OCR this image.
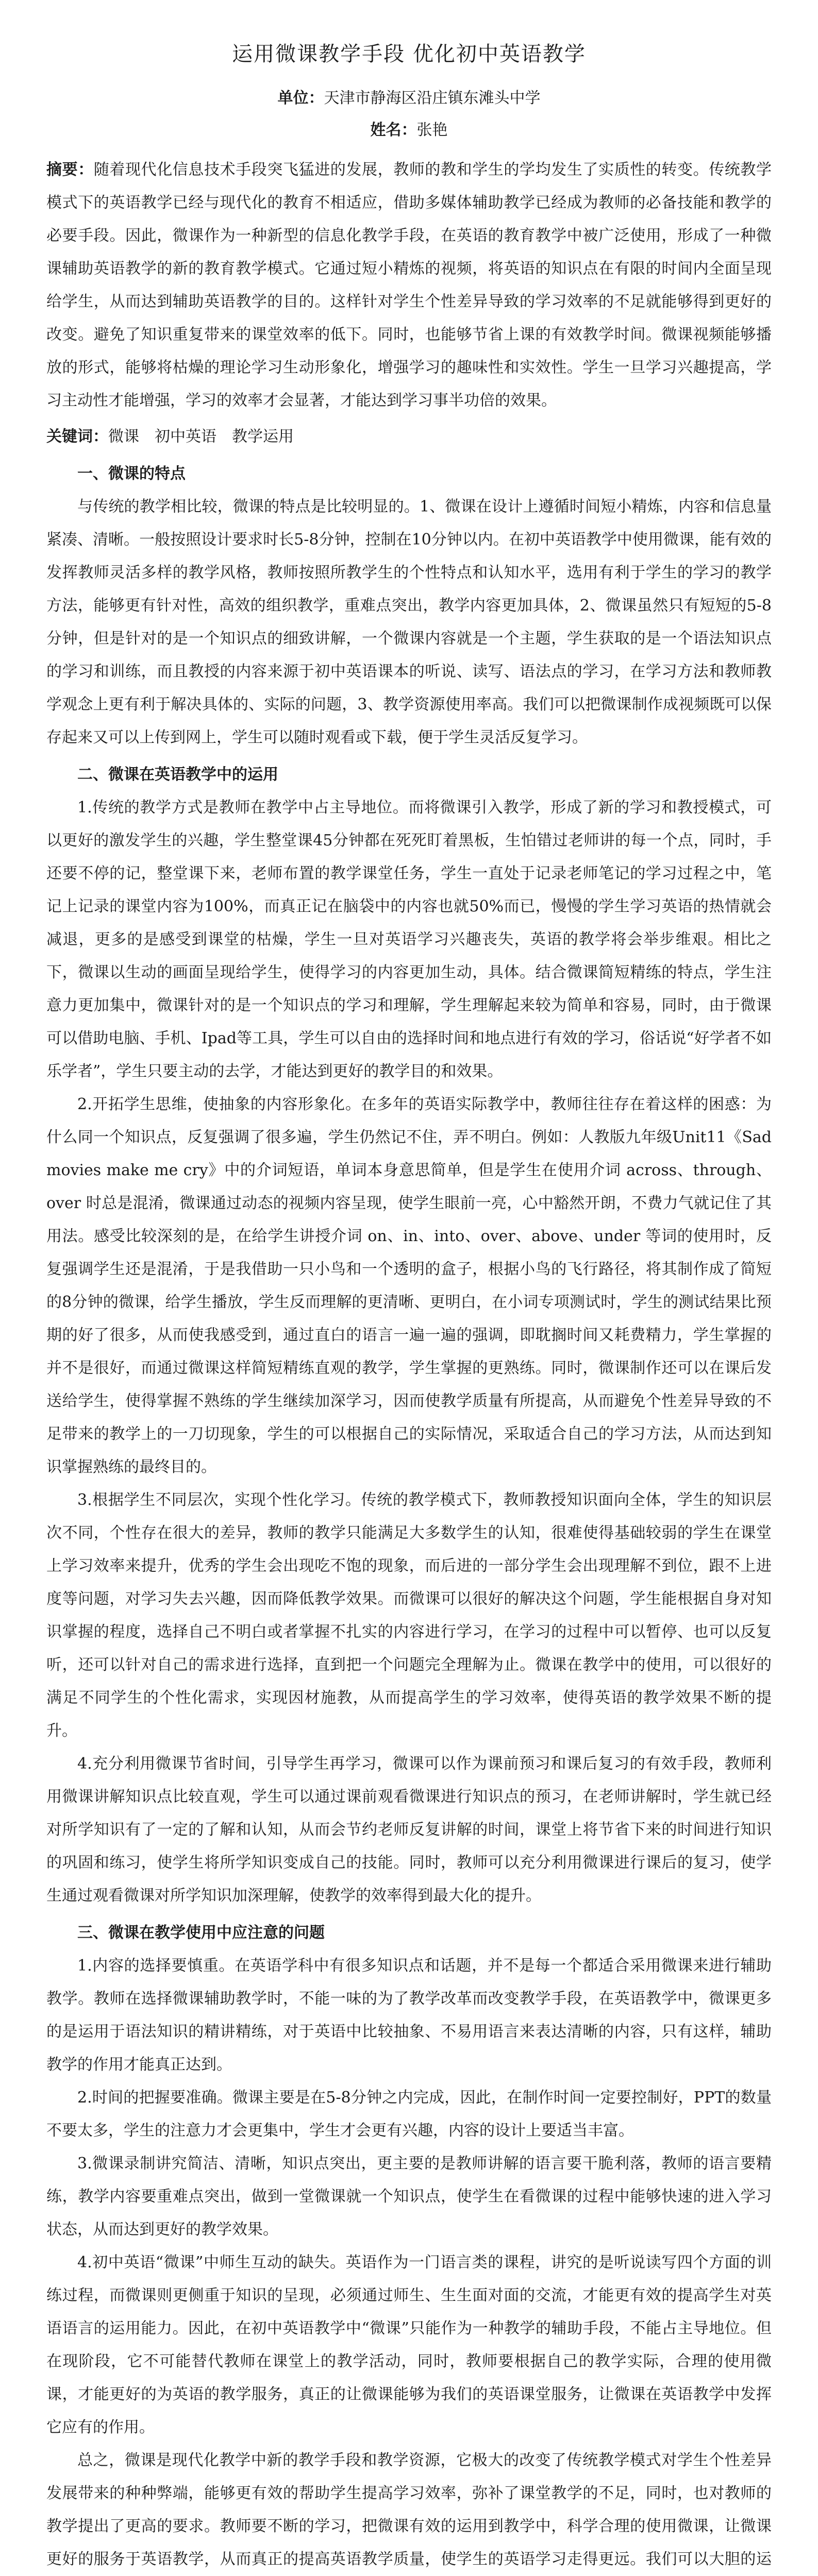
运用微课教学手段 优化初中英语教学
单位：天津市静海区沿庄镇东滩头中学
姓名：张艳
摘要：随着现代化信息技术手段突飞猛进的发展，教师的教和学生的学均发生了实质性的转变。传统教学模式下的英语教学已经与现代化的教育不相适应，借助多媒体辅助教学已经成为教师的必备技能和教学的必要手段。因此，微课作为一种新型的信息化教学手段，在英语的教育教学中被广泛使用，形成了一种微课辅助英语教学的新的教育教学模式。它通过短小精炼的视频，将英语的知识点在有限的时间内全面呈现给学生，从而达到辅助英语教学的目的。这样针对学生个性差异导致的学习效率的不足就能够得到更好的改变。避免了知识重复带来的课堂效率的低下。同时，也能够节省上课的有效教学时间。微课视频能够播放的形式，能够将枯燥的理论学习生动形象化，增强学习的趣味性和实效性。学生一旦学习兴趣提高，学习主动性才能增强，学习的效率才会显著，才能达到学习事半功倍的效果。
关键词：微课　初中英语　教学运用
一、微课的特点

与传统的教学相比较，微课的特点是比较明显的。1、微课在设计上遵循时间短小精炼，内容和信息量紧凑、清晰。一般按照设计要求时长5-8分钟，控制在10分钟以内。在初中英语教学中使用微课，能有效的发挥教师灵活多样的教学风格，教师按照所教学生的个性特点和认知水平，选用有利于学生的学习的教学方法，能够更有针对性，高效的组织教学，重难点突出，教学内容更加具体，2、微课虽然只有短短的5-8分钟，但是针对的是一个知识点的细致讲解，一个微课内容就是一个主题，学生获取的是一个语法知识点的学习和训练，而且教授的内容来源于初中英语课本的听说、读写、语法点的学习，在学习方法和教师教学观念上更有利于解决具体的、实际的问题，3、教学资源使用率高。我们可以把微课制作成视频既可以保存起来又可以上传到网上，学生可以随时观看或下载，便于学生灵活反复学习。

二、微课在英语教学中的运用

1.传统的教学方式是教师在教学中占主导地位。而将微课引入教学，形成了新的学习和教授模式，可以更好的激发学生的兴趣，学生整堂课45分钟都在死死盯着黑板，生怕错过老师讲的每一个点，同时，手还要不停的记，整堂课下来，老师布置的教学课堂任务，学生一直处于记录老师笔记的学习过程之中，笔记上记录的课堂内容为100%，而真正记在脑袋中的内容也就50%而已，慢慢的学生学习英语的热情就会减退，更多的是感受到课堂的枯燥，学生一旦对英语学习兴趣丧失，英语的教学将会举步维艰。相比之下，微课以生动的画面呈现给学生，使得学习的内容更加生动，具体。结合微课简短精练的特点，学生注意力更加集中，微课针对的是一个知识点的学习和理解，学生理解起来较为简单和容易，同时，由于微课可以借助电脑、手机、Ipad等工具，学生可以自由的选择时间和地点进行有效的学习，俗话说“好学者不如乐学者”，学生只要主动的去学，才能达到更好的教学目的和效果。

2.开拓学生思维，使抽象的内容形象化。在多年的英语实际教学中，教师往往存在着这样的困惑：为什么同一个知识点，反复强调了很多遍，学生仍然记不住，弄不明白。例如：人教版九年级Unit11《Sad movies make me cry》中的介词短语，单词本身意思简单，但是学生在使用介词 across、through、over 时总是混淆，微课通过动态的视频内容呈现，使学生眼前一亮，心中豁然开朗，不费力气就记住了其用法。感受比较深刻的是，在给学生讲授介词 on、in、into、over、above、under 等词的使用时，反复强调学生还是混淆，于是我借助一只小鸟和一个透明的盒子，根据小鸟的飞行路径，将其制作成了简短的8分钟的微课，给学生播放，学生反而理解的更清晰、更明白，在小词专项测试时，学生的测试结果比预期的好了很多，从而使我感受到，通过直白的语言一遍一遍的强调，即耽搁时间又耗费精力，学生掌握的并不是很好，而通过微课这样简短精练直观的教学，学生掌握的更熟练。同时，微课制作还可以在课后发送给学生，使得掌握不熟练的学生继续加深学习，因而使教学质量有所提高，从而避免个性差异导致的不足带来的教学上的一刀切现象，学生的可以根据自己的实际情况，采取适合自己的学习方法，从而达到知识掌握熟练的最终目的。

3.根据学生不同层次，实现个性化学习。传统的教学模式下，教师教授知识面向全体，学生的知识层次不同，个性存在很大的差异，教师的教学只能满足大多数学生的认知，很难使得基础较弱的学生在课堂上学习效率来提升，优秀的学生会出现吃不饱的现象，而后进的一部分学生会出现理解不到位，跟不上进度等问题，对学习失去兴趣，因而降低教学效果。而微课可以很好的解决这个问题，学生能根据自身对知识掌握的程度，选择自己不明白或者掌握不扎实的内容进行学习，在学习的过程中可以暂停、也可以反复听，还可以针对自己的需求进行选择，直到把一个问题完全理解为止。微课在教学中的使用，可以很好的满足不同学生的个性化需求，实现因材施教，从而提高学生的学习效率，使得英语的教学效果不断的提升。

4.充分利用微课节省时间，引导学生再学习，微课可以作为课前预习和课后复习的有效手段，教师利用微课讲解知识点比较直观，学生可以通过课前观看微课进行知识点的预习，在老师讲解时，学生就已经对所学知识有了一定的了解和认知，从而会节约老师反复讲解的时间，课堂上将节省下来的时间进行知识的巩固和练习，使学生将所学知识变成自己的技能。同时，教师可以充分利用微课进行课后的复习，使学生通过观看微课对所学知识加深理解，使教学的效率得到最大化的提升。

三、微课在教学使用中应注意的问题

1.内容的选择要慎重。在英语学科中有很多知识点和话题，并不是每一个都适合采用微课来进行辅助教学。教师在选择微课辅助教学时，不能一味的为了教学改革而改变教学手段，在英语教学中，微课更多的是运用于语法知识的精讲精练，对于英语中比较抽象、不易用语言来表达清晰的内容，只有这样，辅助教学的作用才能真正达到。

2.时间的把握要准确。微课主要是在5-8分钟之内完成，因此，在制作时间一定要控制好，PPT的数量不要太多，学生的注意力才会更集中，学生才会更有兴趣，内容的设计上要适当丰富。

3.微课录制讲究简洁、清晰，知识点突出，更主要的是教师讲解的语言要干脆利落，教师的语言要精练，教学内容要重难点突出，做到一堂微课就一个知识点，使学生在看微课的过程中能够快速的进入学习状态，从而达到更好的教学效果。

4.初中英语“微课”中师生互动的缺失。英语作为一门语言类的课程，讲究的是听说读写四个方面的训练过程，而微课则更侧重于知识的呈现，必须通过师生、生生面对面的交流，才能更有效的提高学生对英语语言的运用能力。因此，在初中英语教学中“微课”只能作为一种教学的辅助手段，不能占主导地位。但在现阶段，它不可能替代教师在课堂上的教学活动，同时，教师要根据自己的教学实际，合理的使用微课，才能更好的为英语的教学服务，真正的让微课能够为我们的英语课堂服务，让微课在英语教学中发挥它应有的作用。

总之，微课是现代化教学中新的教学手段和教学资源，它极大的改变了传统教学模式对学生个性差异发展带来的种种弊端，能够更有效的帮助学生提高学习效率，弥补了课堂教学的不足，同时，也对教师的教学提出了更高的要求。教师要不断的学习，把微课有效的运用到教学中，科学合理的使用微课，让微课更好的服务于英语教学，从而真正的提高英语教学质量，使学生的英语学习走得更远。我们可以大胆的运
